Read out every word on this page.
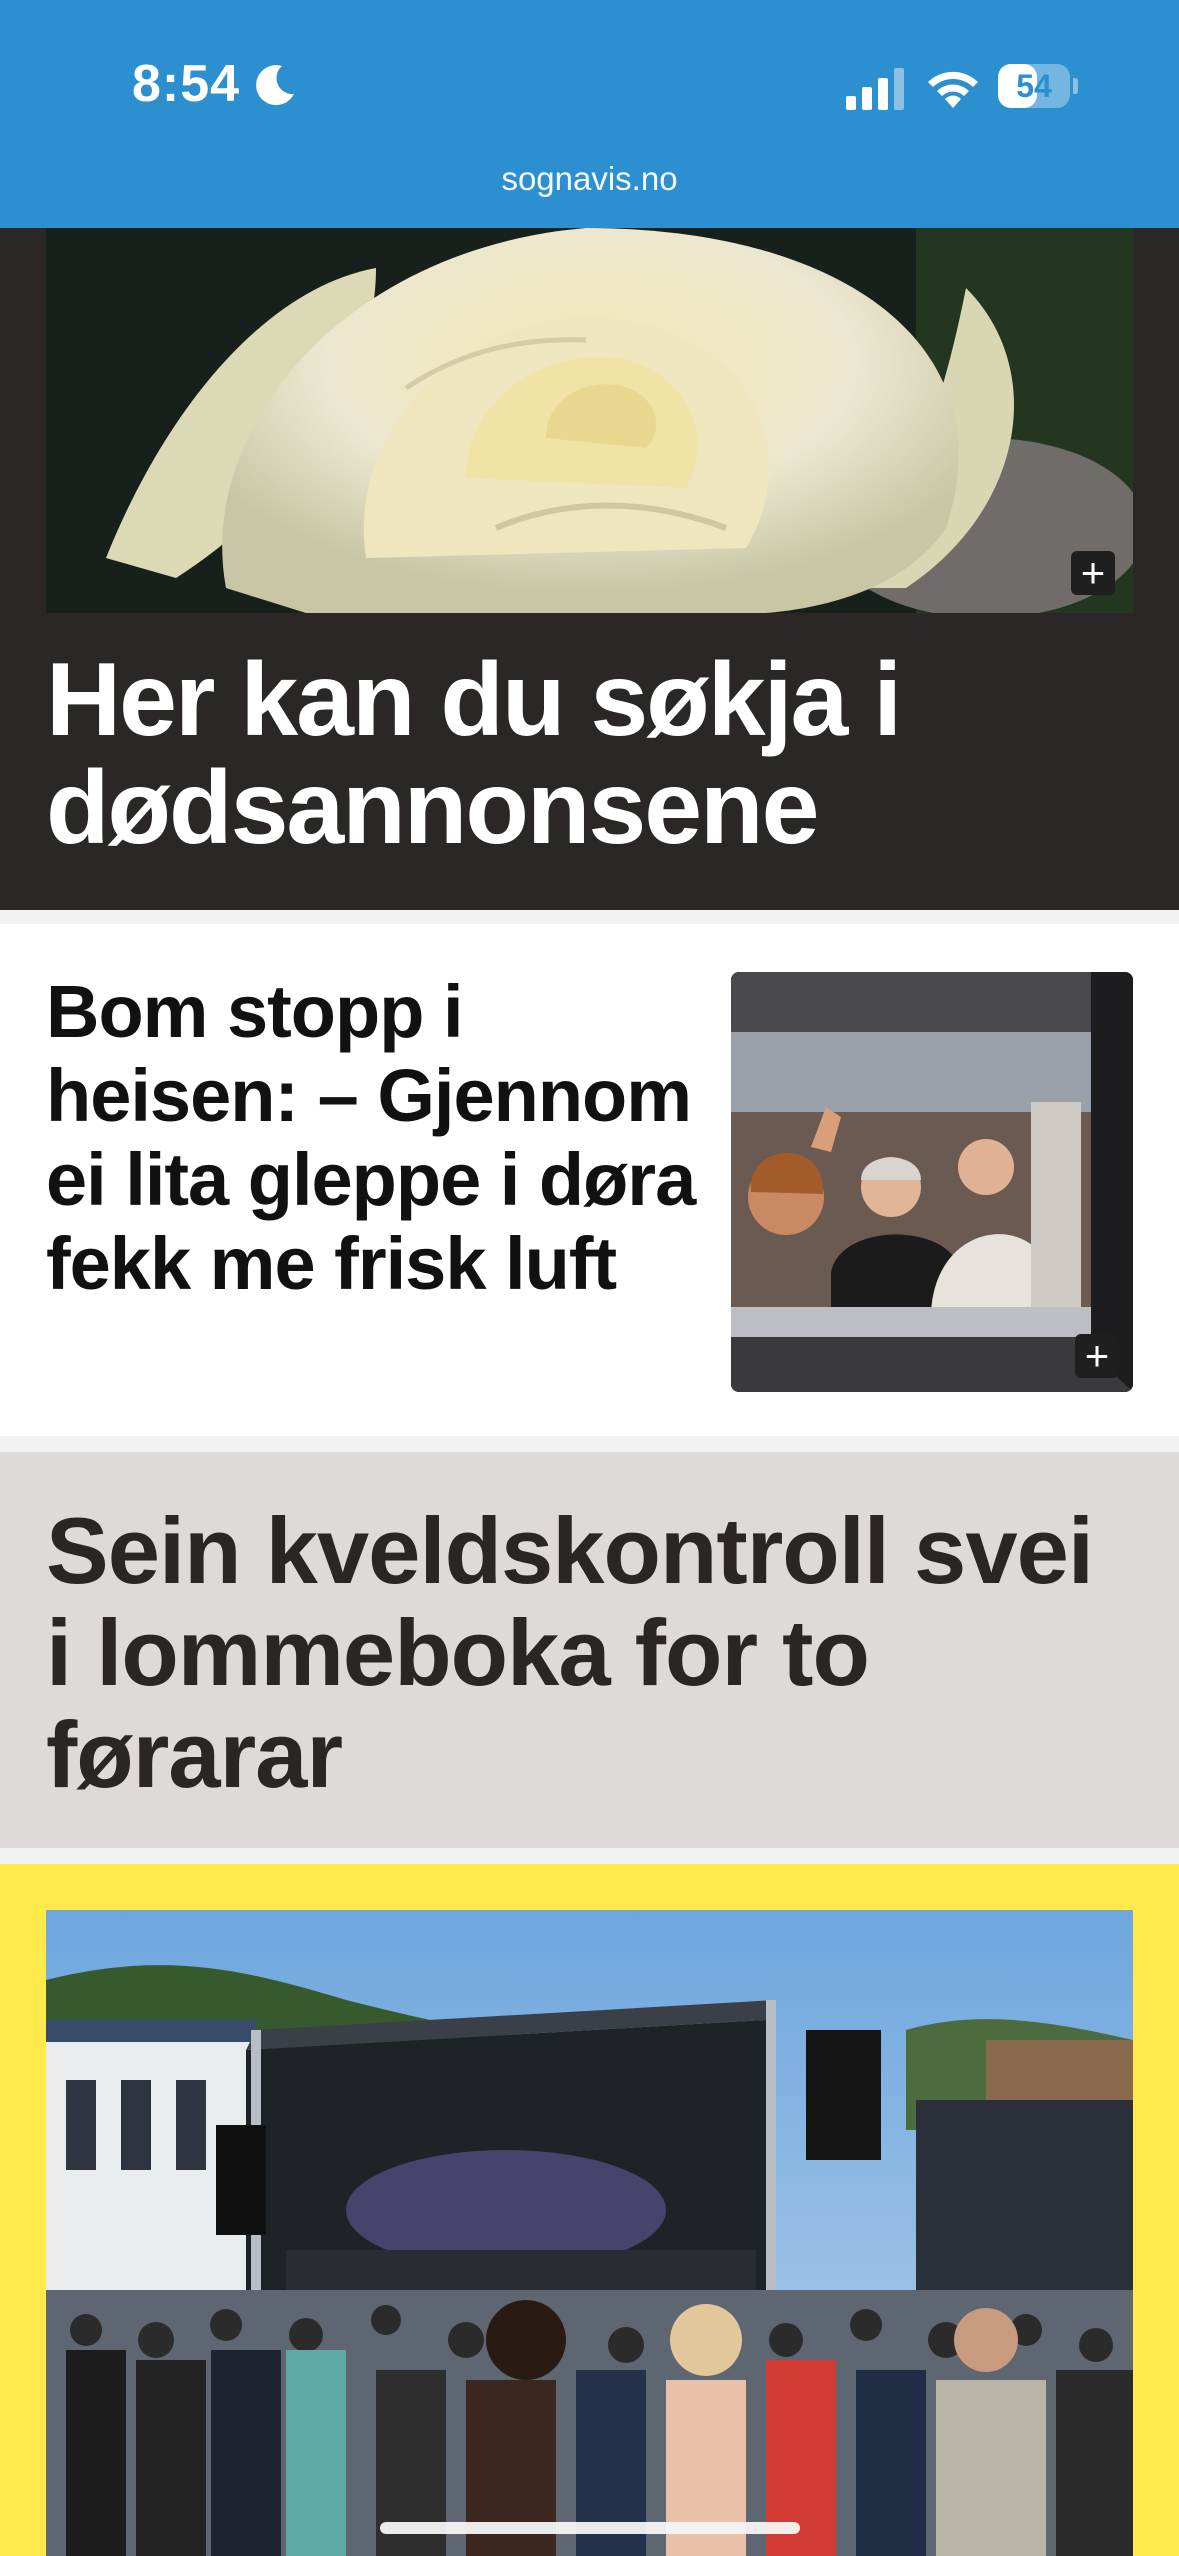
8:54	54
sognavis.no
+
Her kan du søkja i dødsannonsene
Bom stopp i heisen: – Gjennom ei lita gleppe i døra fekk me frisk luft
+
Sein kveldskontroll svei i lommeboka for to førarar
